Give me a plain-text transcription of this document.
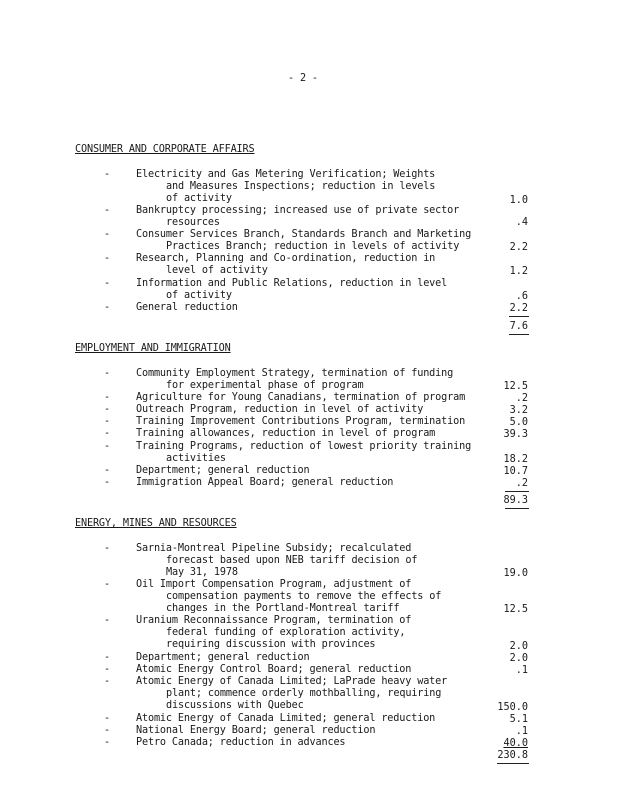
- 2 -
CONSUMER AND CORPORATE AFFAIRS
-	Electricity and Gas Metering Verification; Weights
and Measures Inspections; reduction in levels
of activity	1.0
-	Bankruptcy processing; increased use of private sector
resources	.4
-	Consumer Services Branch, Standards Branch and Marketing
Practices Branch; reduction in levels of activity	2.2
-	Research, Planning and Co-ordination, reduction in
level of activity	1.2
-	Information and Public Relations, reduction in level
of activity	.6
-	General reduction	2.2
7.6
EMPLOYMENT AND IMMIGRATION
-	Community Employment Strategy, termination of funding
for experimental phase of program	12.5
-	Agriculture for Young Canadians, termination of program	.2
-	Outreach Program, reduction in level of activity	3.2
-	Training Improvement Contributions Program, termination	5.0
-	Training allowances, reduction in level of program	39.3
-	Training Programs, reduction of lowest priority training
activities	18.2
-	Department; general reduction	10.7
-	Immigration Appeal Board; general reduction	.2
89.3
ENERGY, MINES AND RESOURCES
-	Sarnia-Montreal Pipeline Subsidy; recalculated
forecast based upon NEB tariff decision of
May 31, 1978	19.0
-	Oil Import Compensation Program, adjustment of
compensation payments to remove the effects of
changes in the Portland-Montreal tariff	12.5
-	Uranium Reconnaissance Program, termination of
federal funding of exploration activity,
requiring discussion with provinces	2.0
-	Department; general reduction	2.0
-	Atomic Energy Control Board; general reduction	.1
-	Atomic Energy of Canada Limited; LaPrade heavy water
plant; commence orderly mothballing, requiring
discussions with Quebec	150.0
-	Atomic Energy of Canada Limited; general reduction	5.1
-	National Energy Board; general reduction	.1
-	Petro Canada; reduction in advances	40.0
230.8
